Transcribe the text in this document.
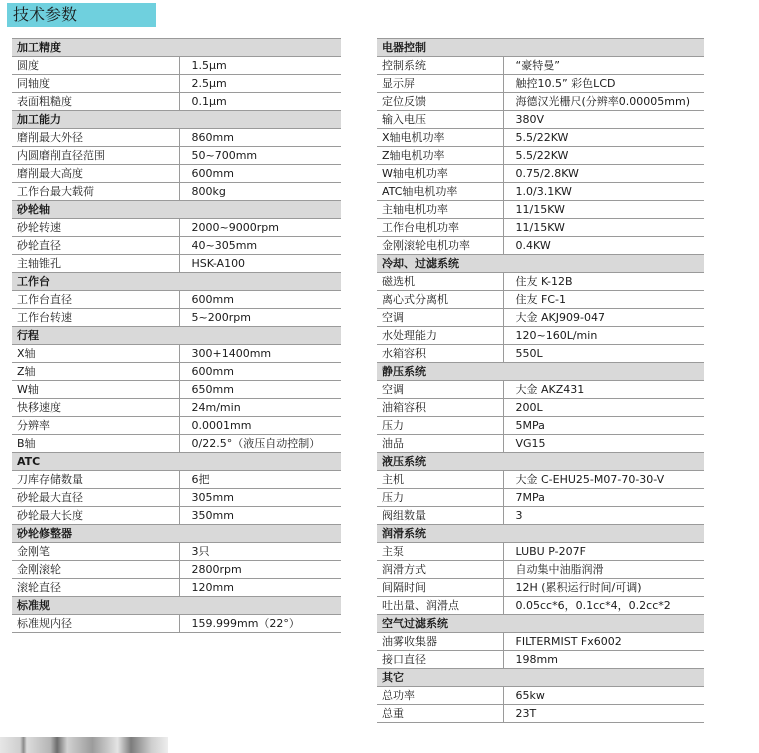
技术参数
加工精度	
圆度	1.5μm
同轴度	2.5μm
表面粗糙度	0.1μm
加工能力	
磨削最大外径	860mm
内圆磨削直径范围	50~700mm
磨削最大高度	600mm
工作台最大载荷	800kg
砂轮轴	
砂轮转速	2000~9000rpm
砂轮直径	40~305mm
主轴锥孔	HSK-A100
工作台	
工作台直径	600mm
工作台转速	5~200rpm
行程	
X轴	300+1400mm
Z轴	600mm
W轴	650mm
快移速度	24m/min
分辨率	0.0001mm
B轴	0/22.5°（液压自动控制）
ATC	
刀库存储数量	6把
砂轮最大直径	305mm
砂轮最大长度	350mm
砂轮修整器	
金刚笔	3只
金刚滚轮	2800rpm
滚轮直径	120mm
标准规	
标准规内径	159.999mm（22°）
电器控制	
控制系统	“豪特曼”
显示屏	触控10.5” 彩色LCD
定位反馈	海德汉光栅尺(分辨率0.00005mm)
输入电压	380V
X轴电机功率	5.5/22KW
Z轴电机功率	5.5/22KW
W轴电机功率	0.75/2.8KW
ATC轴电机功率	1.0/3.1KW
主轴电机功率	11/15KW
工作台电机功率	11/15KW
金刚滚轮电机功率	0.4KW
冷却、过滤系统	
磁选机	住友 K-12B
离心式分离机	住友 FC-1
空调	大金 AKJ909-047
水处理能力	120~160L/min
水箱容积	550L
静压系统	
空调	大金 AKZ431
油箱容积	200L
压力	5MPa
油品	VG15
液压系统	
主机	大金 C-EHU25-M07-70-30-V
压力	7MPa
阀组数量	3
润滑系统	
主泵	LUBU P-207F
润滑方式	自动集中油脂润滑
间隔时间	12H (累积运行时间/可调)
吐出量、润滑点	0.05cc*6，0.1cc*4，0.2cc*2
空气过滤系统	
油雾收集器	FILTERMIST Fx6002
接口直径	198mm
其它	
总功率	65kw
总重	23T
